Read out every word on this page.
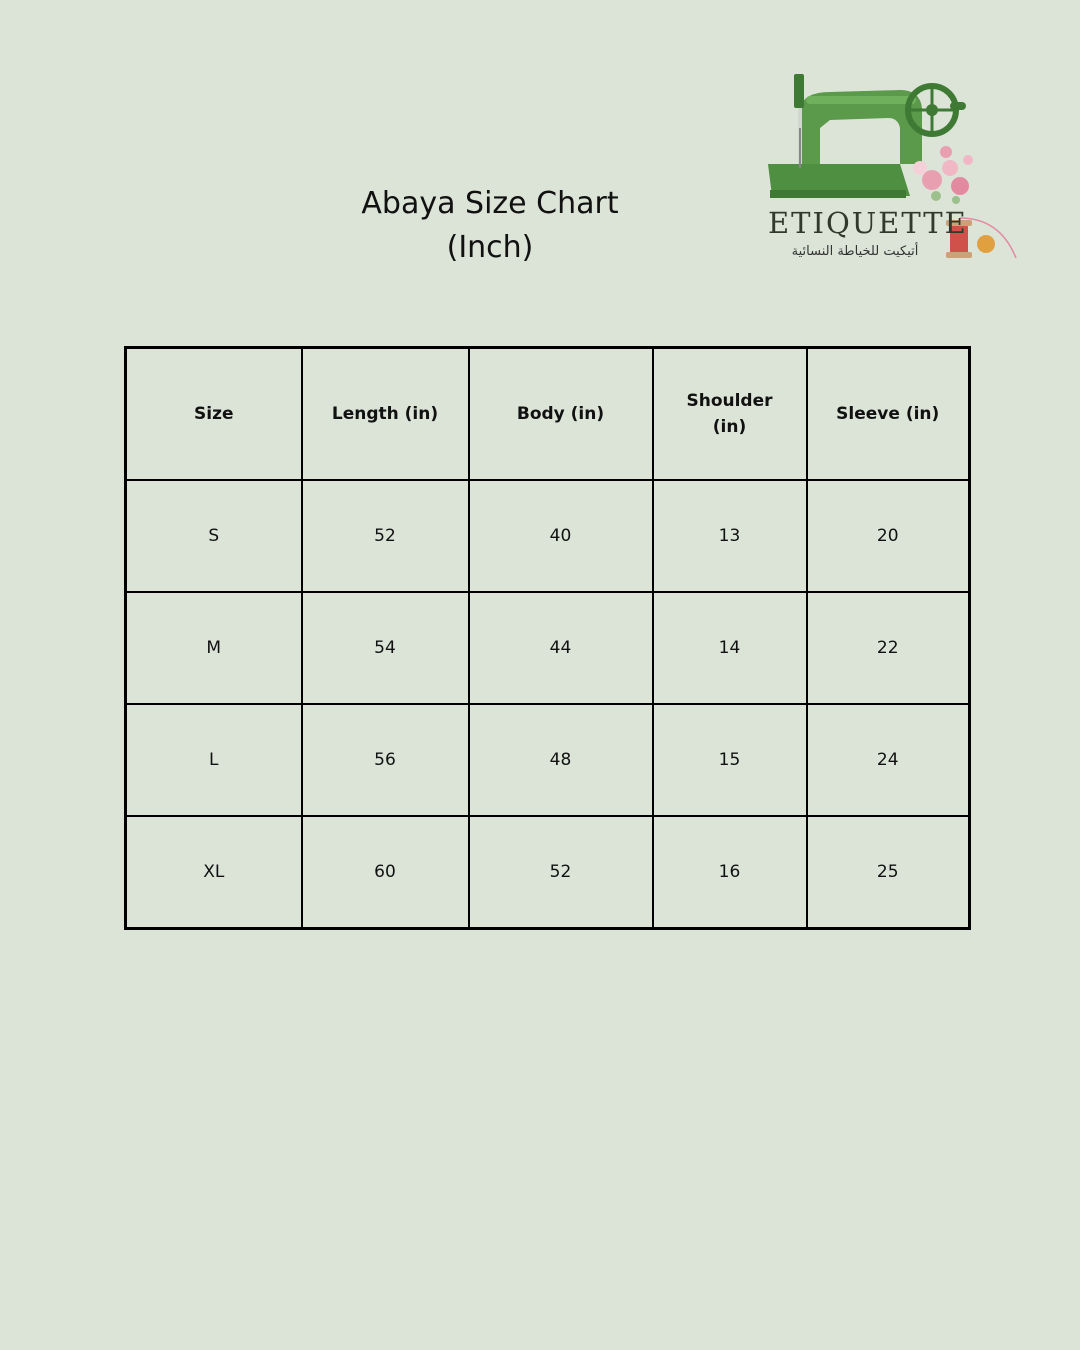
Abaya Size Chart
(Inch)
ETIQUETTE
أتيكيت للخياطة النسائية
Size	Length (in)	Body (in)	Shoulder (in)	Sleeve (in)
S	52	40	13	20
M	54	44	14	22
L	56	48	15	24
XL	60	52	16	25
